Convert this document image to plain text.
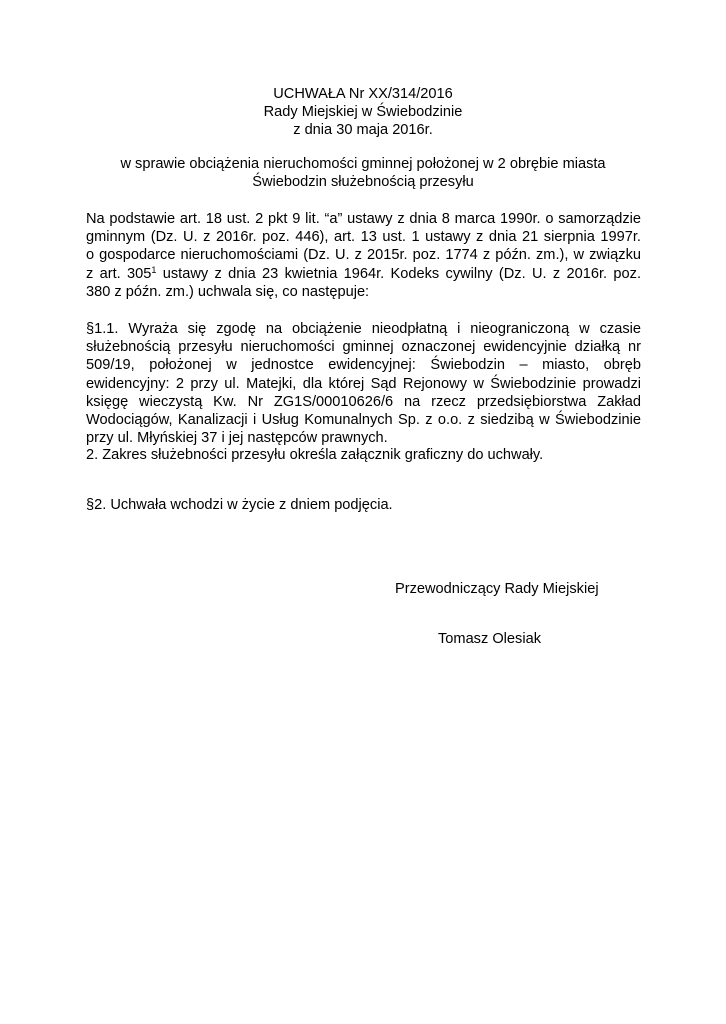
UCHWAŁA Nr XX/314/2016
Rady Miejskiej w Świebodzinie
z dnia 30 maja 2016r.
w sprawie obciążenia nieruchomości gminnej położonej w 2 obrębie miasta
Świebodzin służebnością przesyłu
Na podstawie art. 18 ust. 2 pkt 9 lit. “a” ustawy z dnia 8 marca 1990r. o samorządzie
gminnym (Dz. U. z 2016r. poz. 446), art. 13 ust. 1 ustawy z dnia 21 sierpnia 1997r.
o gospodarce nieruchomościami (Dz. U. z 2015r. poz. 1774 z późn. zm.), w związku
z art. $305^1$ ustawy z dnia 23 kwietnia 1964r. Kodeks cywilny (Dz. U. z 2016r. poz.
380 z późn. zm.) uchwala się, co następuje:
§1.1. Wyraża się zgodę na obciążenie nieodpłatną i nieograniczoną w czasie
służebnością przesyłu nieruchomości gminnej oznaczonej ewidencyjnie działką nr
509/19, położonej w jednostce ewidencyjnej: Świebodzin – miasto, obręb
ewidencyjny: 2 przy ul. Matejki, dla której Sąd Rejonowy w Świebodzinie prowadzi
księgę wieczystą Kw. Nr ZG1S/00010626/6 na rzecz przedsiębiorstwa Zakład
Wodociągów, Kanalizacji i Usług Komunalnych Sp. z o.o. z siedzibą w Świebodzinie
przy ul. Młyńskiej 37 i jej następców prawnych.
2. Zakres służebności przesyłu określa załącznik graficzny do uchwały.
§2. Uchwała wchodzi w życie z dniem podjęcia.
Przewodniczący Rady Miejskiej
Tomasz Olesiak
